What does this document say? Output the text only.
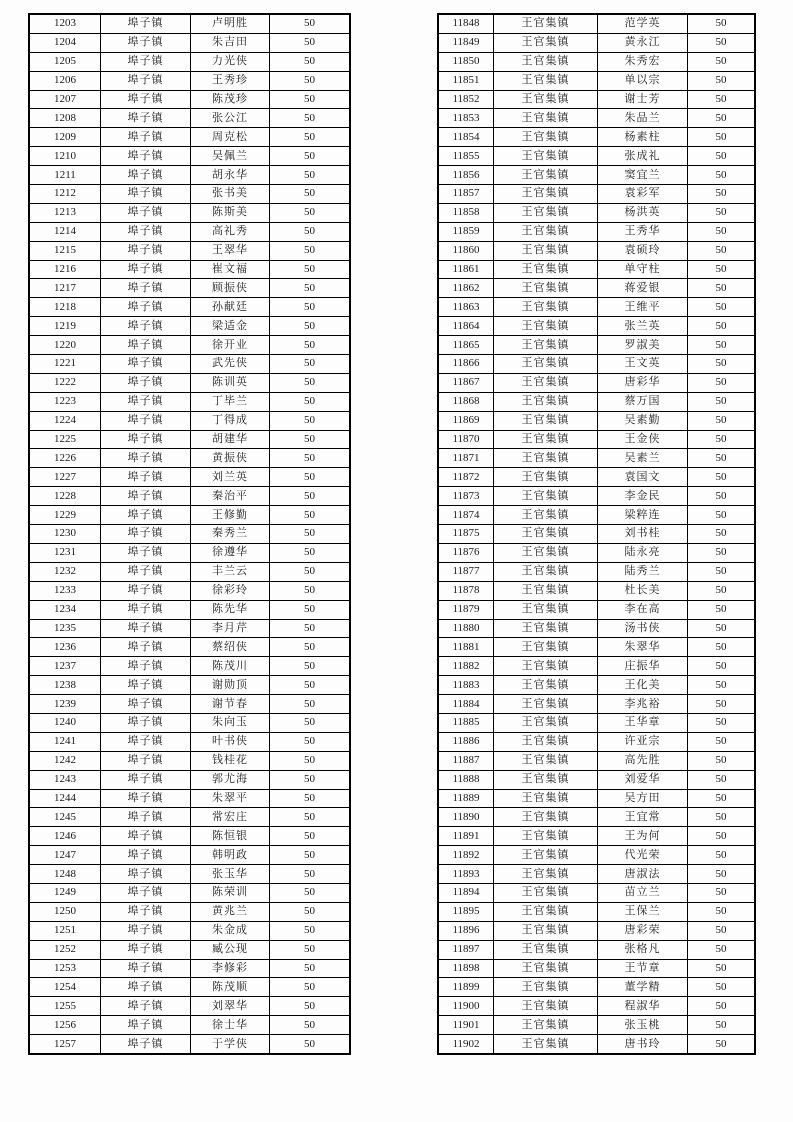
1203	埠子镇	卢明胜	50
1204	埠子镇	朱吉田	50
1205	埠子镇	力光侠	50
1206	埠子镇	王秀珍	50
1207	埠子镇	陈茂珍	50
1208	埠子镇	张公江	50
1209	埠子镇	周克松	50
1210	埠子镇	吴佩兰	50
1211	埠子镇	胡永华	50
1212	埠子镇	张书美	50
1213	埠子镇	陈斯美	50
1214	埠子镇	高礼秀	50
1215	埠子镇	王翠华	50
1216	埠子镇	崔文福	50
1217	埠子镇	顾振侠	50
1218	埠子镇	孙献廷	50
1219	埠子镇	梁适金	50
1220	埠子镇	徐开业	50
1221	埠子镇	武先侠	50
1222	埠子镇	陈训英	50
1223	埠子镇	丁毕兰	50
1224	埠子镇	丁得成	50
1225	埠子镇	胡建华	50
1226	埠子镇	黄振侠	50
1227	埠子镇	刘兰英	50
1228	埠子镇	秦治平	50
1229	埠子镇	王修勤	50
1230	埠子镇	秦秀兰	50
1231	埠子镇	徐遵华	50
1232	埠子镇	丰兰云	50
1233	埠子镇	徐彩玲	50
1234	埠子镇	陈先华	50
1235	埠子镇	李月芹	50
1236	埠子镇	蔡绍侠	50
1237	埠子镇	陈茂川	50
1238	埠子镇	谢勋顶	50
1239	埠子镇	谢节春	50
1240	埠子镇	朱向玉	50
1241	埠子镇	叶书侠	50
1242	埠子镇	钱桂花	50
1243	埠子镇	郭尤海	50
1244	埠子镇	朱翠平	50
1245	埠子镇	常宏庄	50
1246	埠子镇	陈恒银	50
1247	埠子镇	韩明政	50
1248	埠子镇	张玉华	50
1249	埠子镇	陈荣训	50
1250	埠子镇	黄兆兰	50
1251	埠子镇	朱金成	50
1252	埠子镇	臧公现	50
1253	埠子镇	李修彩	50
1254	埠子镇	陈茂顺	50
1255	埠子镇	刘翠华	50
1256	埠子镇	徐士华	50
1257	埠子镇	于学侠	50
11848	王官集镇	范学英	50
11849	王官集镇	黄永江	50
11850	王官集镇	朱秀宏	50
11851	王官集镇	单以宗	50
11852	王官集镇	谢士芳	50
11853	王官集镇	朱品兰	50
11854	王官集镇	杨素柱	50
11855	王官集镇	张成礼	50
11856	王官集镇	窦宜兰	50
11857	王官集镇	袁彩军	50
11858	王官集镇	杨洪英	50
11859	王官集镇	王秀华	50
11860	王官集镇	袁硕玲	50
11861	王官集镇	单守柱	50
11862	王官集镇	蒋爱银	50
11863	王官集镇	王维平	50
11864	王官集镇	张兰英	50
11865	王官集镇	罗淑美	50
11866	王官集镇	王文英	50
11867	王官集镇	唐彩华	50
11868	王官集镇	蔡万国	50
11869	王官集镇	吴素勤	50
11870	王官集镇	王金侠	50
11871	王官集镇	吴素兰	50
11872	王官集镇	袁国文	50
11873	王官集镇	李金民	50
11874	王官集镇	梁粹连	50
11875	王官集镇	刘书桂	50
11876	王官集镇	陆永亮	50
11877	王官集镇	陆秀兰	50
11878	王官集镇	杜长美	50
11879	王官集镇	李在高	50
11880	王官集镇	汤书侠	50
11881	王官集镇	朱翠华	50
11882	王官集镇	庄振华	50
11883	王官集镇	王化美	50
11884	王官集镇	李兆裕	50
11885	王官集镇	王华章	50
11886	王官集镇	许亚宗	50
11887	王官集镇	高先胜	50
11888	王官集镇	刘爱华	50
11889	王官集镇	吴方田	50
11890	王官集镇	王宜常	50
11891	王官集镇	王为何	50
11892	王官集镇	代光荣	50
11893	王官集镇	唐淑法	50
11894	王官集镇	苗立兰	50
11895	王官集镇	王保兰	50
11896	王官集镇	唐彩荣	50
11897	王官集镇	张格凡	50
11898	王官集镇	王节章	50
11899	王官集镇	董学精	50
11900	王官集镇	程淑华	50
11901	王官集镇	张玉桃	50
11902	王官集镇	唐书玲	50
